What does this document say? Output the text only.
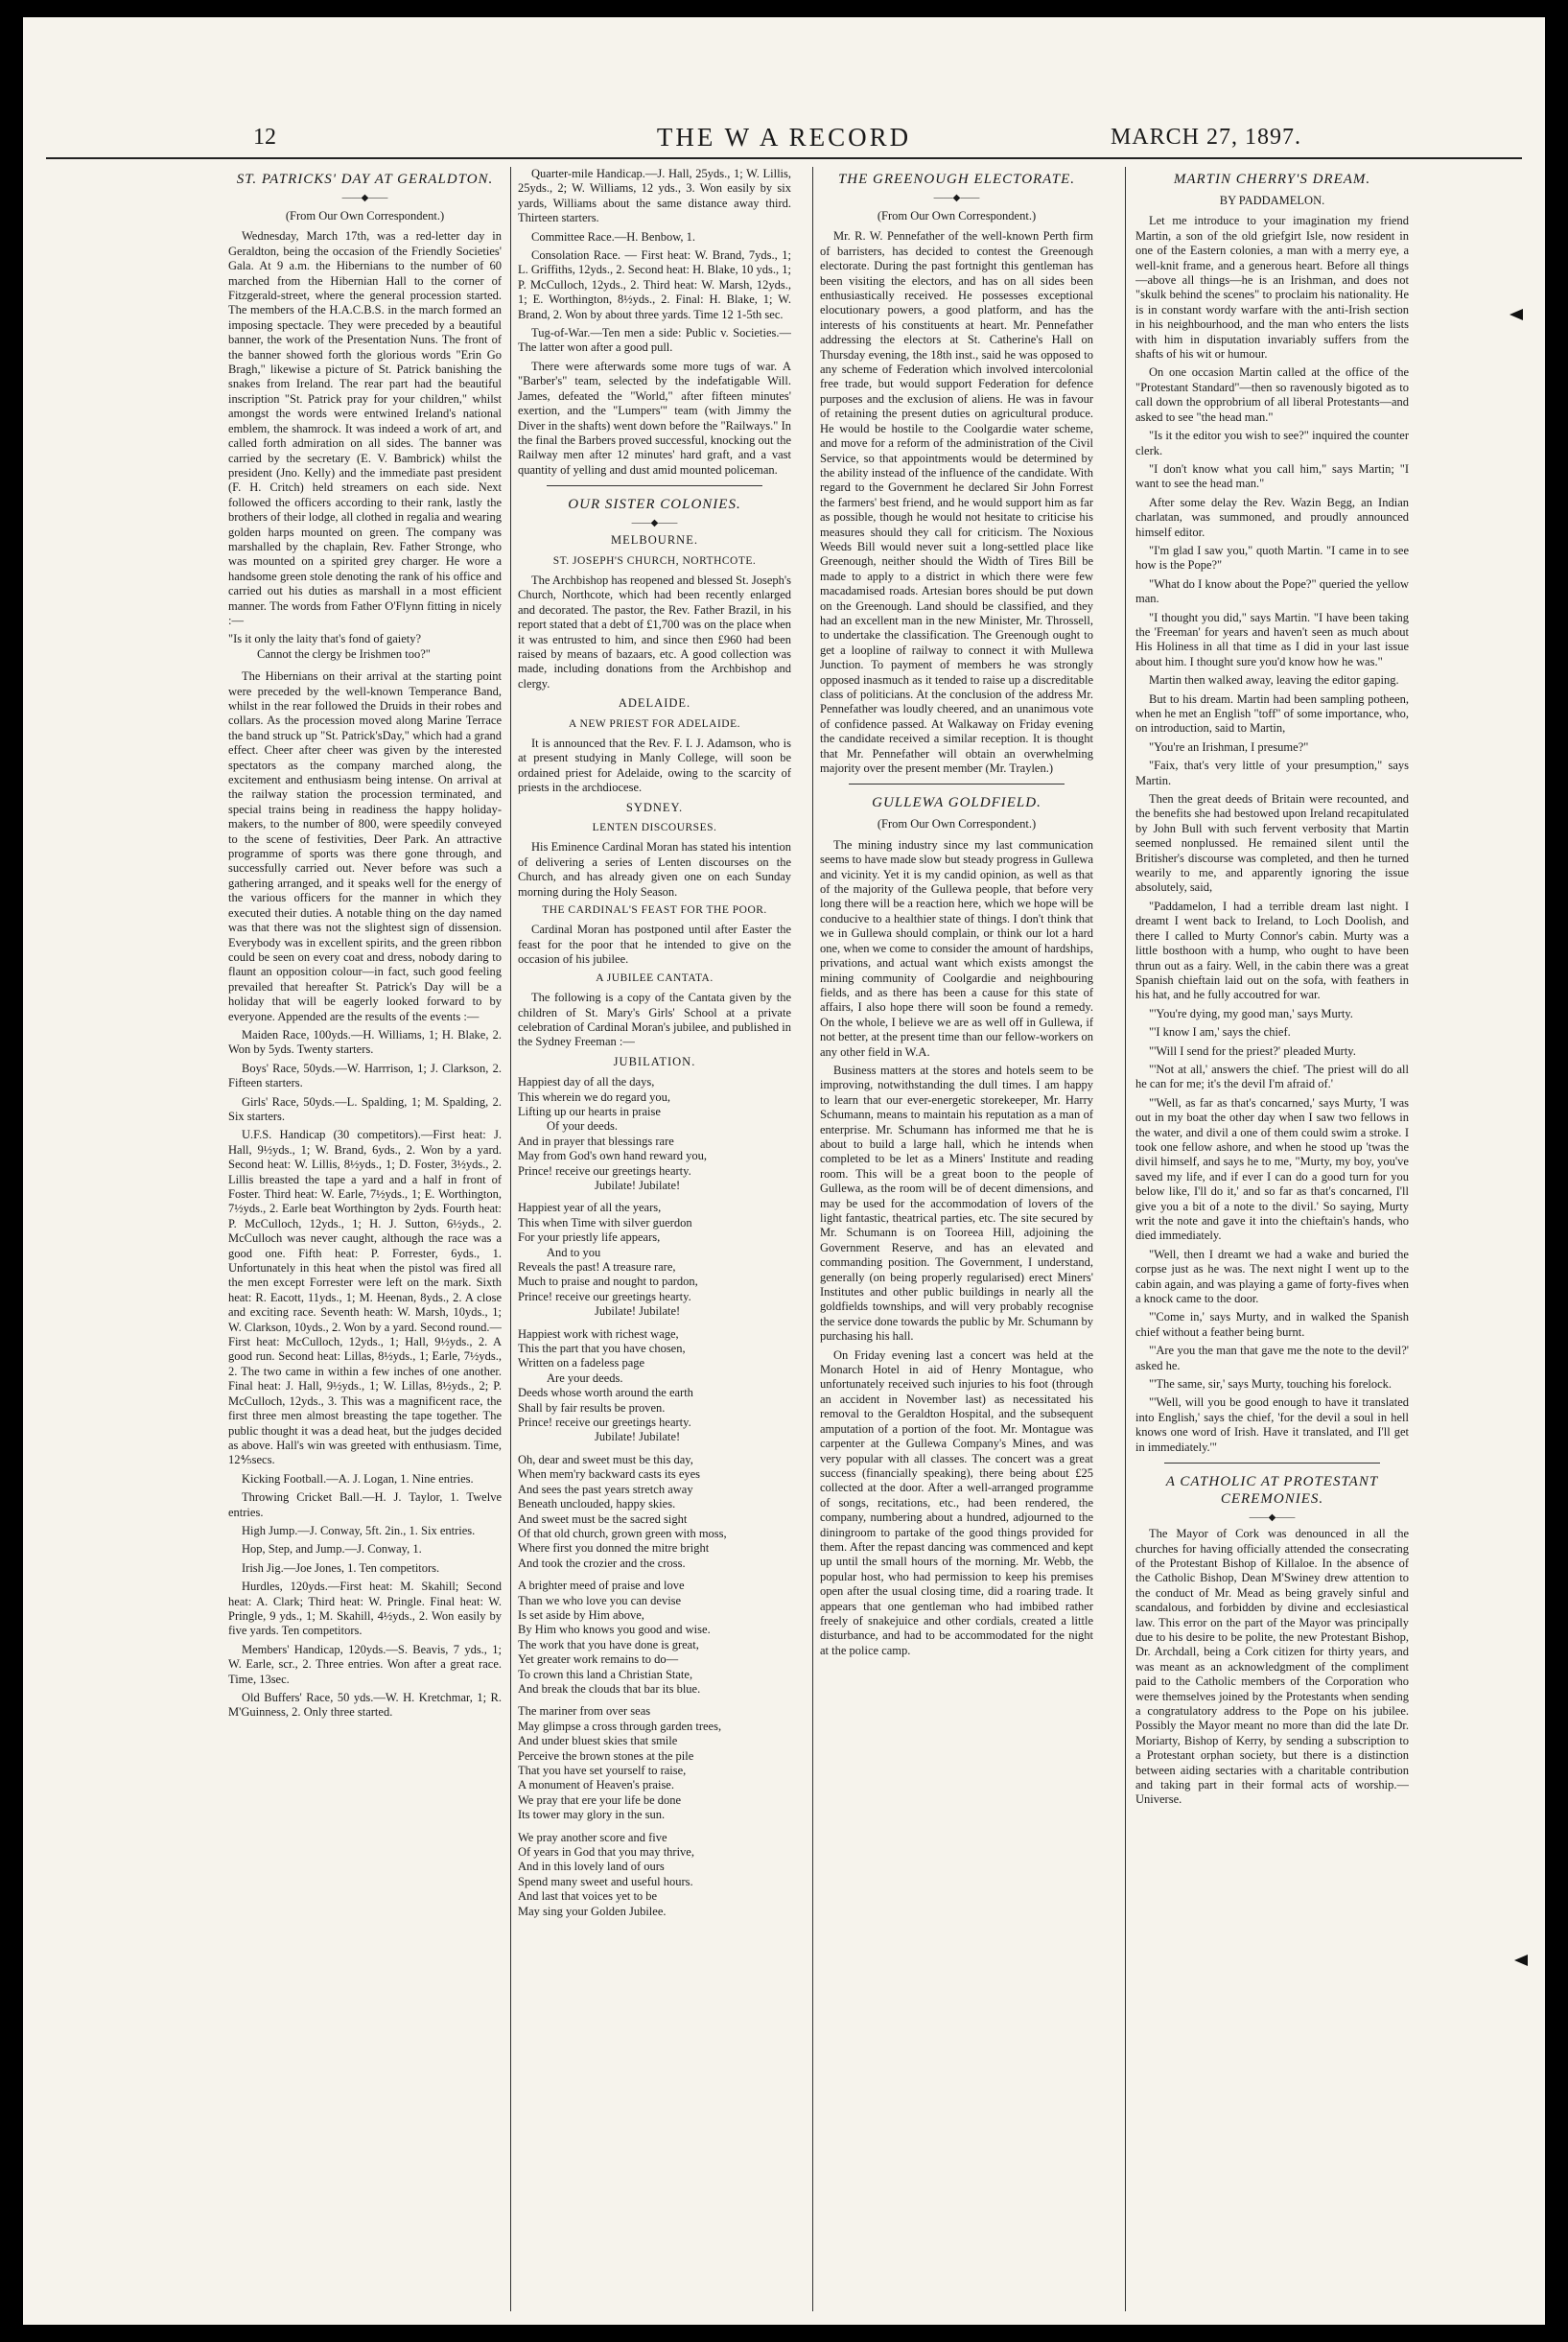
12	THE W A RECORD	MARCH 27, 1897.
ST. PATRICKS' DAY AT GERALDTON.
——◆——
(From Our Own Correspondent.)

Wednesday, March 17th, was a red-letter day in Geraldton, being the occasion of the Friendly Societies' Gala. At 9 a.m. the Hibernians to the number of 60 marched from the Hibernian Hall to the corner of Fitzgerald-street, where the general procession started. The members of the H.A.C.B.S. in the march formed an imposing spectacle. They were preceded by a beautiful banner, the work of the Presentation Nuns. The front of the banner showed forth the glorious words "Erin Go Bragh," likewise a picture of St. Patrick banishing the snakes from Ireland. The rear part had the beautiful inscription "St. Patrick pray for your children," whilst amongst the words were entwined Ireland's national emblem, the shamrock. It was indeed a work of art, and called forth admiration on all sides. The banner was carried by the secretary (E. V. Bambrick) whilst the president (Jno. Kelly) and the immediate past president (F. H. Critch) held streamers on each side. Next followed the officers according to their rank, lastly the brothers of their lodge, all clothed in regalia and wearing golden harps mounted on green. The company was marshalled by the chaplain, Rev. Father Stronge, who was mounted on a spirited grey charger. He wore a handsome green stole denoting the rank of his office and carried out his duties as marshall in a most efficient manner. The words from Father O'Flynn fitting in nicely :—

"Is it only the laity that's fond of gaiety?
Cannot the clergy be Irishmen too?"

The Hibernians on their arrival at the starting point were preceded by the well-known Temperance Band, whilst in the rear followed the Druids in their robes and collars. As the procession moved along Marine Terrace the band struck up "St. Patrick'sDay," which had a grand effect. Cheer after cheer was given by the interested spectators as the company marched along, the excitement and enthusiasm being intense. On arrival at the railway station the procession terminated, and special trains being in readiness the happy holiday-makers, to the number of 800, were speedily conveyed to the scene of festivities, Deer Park. An attractive programme of sports was there gone through, and successfully carried out. Never before was such a gathering arranged, and it speaks well for the energy of the various officers for the manner in which they executed their duties. A notable thing on the day named was that there was not the slightest sign of dissension. Everybody was in excellent spirits, and the green ribbon could be seen on every coat and dress, nobody daring to flaunt an opposition colour—in fact, such good feeling prevailed that hereafter St. Patrick's Day will be a holiday that will be eagerly looked forward to by everyone. Appended are the results of the events :—

Maiden Race, 100yds.—H. Williams, 1; H. Blake, 2. Won by 5yds. Twenty starters.

Boys' Race, 50yds.—W. Harrrison, 1; J. Clarkson, 2. Fifteen starters.

Girls' Race, 50yds.—L. Spalding, 1; M. Spalding, 2. Six starters.

U.F.S. Handicap (30 competitors).—First heat: J. Hall, 9½yds., 1; W. Brand, 6yds., 2. Won by a yard. Second heat: W. Lillis, 8½yds., 1; D. Foster, 3½yds., 2. Lillis breasted the tape a yard and a half in front of Foster. Third heat: W. Earle, 7½yds., 1; E. Worthington, 7½yds., 2. Earle beat Worthington by 2yds. Fourth heat: P. McCulloch, 12yds., 1; H. J. Sutton, 6½yds., 2. McCulloch was never caught, although the race was a good one. Fifth heat: P. Forrester, 6yds., 1. Unfortunately in this heat when the pistol was fired all the men except Forrester were left on the mark. Sixth heat: R. Eacott, 11yds., 1; M. Heenan, 8yds., 2. A close and exciting race. Seventh heath: W. Marsh, 10yds., 1; W. Clarkson, 10yds., 2. Won by a yard. Second round.—First heat: McCulloch, 12yds., 1; Hall, 9½yds., 2. A good run. Second heat: Lillas, 8½yds., 1; Earle, 7½yds., 2. The two came in within a few inches of one another. Final heat: J. Hall, 9½yds., 1; W. Lillas, 8½yds., 2; P. McCulloch, 12yds., 3. This was a magnificent race, the first three men almost breasting the tape together. The public thought it was a dead heat, but the judges decided as above. Hall's win was greeted with enthusiasm. Time, 12⅘secs.

Kicking Football.—A. J. Logan, 1. Nine entries.

Throwing Cricket Ball.—H. J. Taylor, 1. Twelve entries.

High Jump.—J. Conway, 5ft. 2in., 1. Six entries.

Hop, Step, and Jump.—J. Conway, 1.

Irish Jig.—Joe Jones, 1. Ten competitors.

Hurdles, 120yds.—First heat: M. Skahill; Second heat: A. Clark; Third heat: W. Pringle. Final heat: W. Pringle, 9 yds., 1; M. Skahill, 4½yds., 2. Won easily by five yards. Ten competitors.

Members' Handicap, 120yds.—S. Beavis, 7 yds., 1; W. Earle, scr., 2. Three entries. Won after a great race. Time, 13sec.

Old Buffers' Race, 50 yds.—W. H. Kretchmar, 1; R. M'Guinness, 2. Only three started.

Quarter-mile Handicap.—J. Hall, 25yds., 1; W. Lillis, 25yds., 2; W. Williams, 12 yds., 3. Won easily by six yards, Williams about the same distance away third. Thirteen starters.

Committee Race.—H. Benbow, 1.

Consolation Race. — First heat: W. Brand, 7yds., 1; L. Griffiths, 12yds., 2. Second heat: H. Blake, 10 yds., 1; P. McCulloch, 12yds., 2. Third heat: W. Marsh, 12yds., 1; E. Worthington, 8½yds., 2. Final: H. Blake, 1; W. Brand, 2. Won by about three yards. Time 12 1-5th sec.

Tug-of-War.—Ten men a side: Public v. Societies.—The latter won after a good pull.

There were afterwards some more tugs of war. A "Barber's" team, selected by the indefatigable Will. James, defeated the "World," after fifteen minutes' exertion, and the "Lumpers'" team (with Jimmy the Diver in the shafts) went down before the "Railways." In the final the Barbers proved successful, knocking out the Railway men after 12 minutes' hard graft, and a vast quantity of yelling and dust amid mounted policeman.

OUR SISTER COLONIES.
——◆——
MELBOURNE.
ST. JOSEPH'S CHURCH, NORTHCOTE.

The Archbishop has reopened and blessed St. Joseph's Church, Northcote, which had been recently enlarged and decorated. The pastor, the Rev. Father Brazil, in his report stated that a debt of £1,700 was on the place when it was entrusted to him, and since then £960 had been raised by means of bazaars, etc. A good collection was made, including donations from the Archbishop and clergy.

ADELAIDE.
A NEW PRIEST FOR ADELAIDE.

It is announced that the Rev. F. I. J. Adamson, who is at present studying in Manly College, will soon be ordained priest for Adelaide, owing to the scarcity of priests in the archdiocese.

SYDNEY.
LENTEN DISCOURSES.

His Eminence Cardinal Moran has stated his intention of delivering a series of Lenten discourses on the Church, and has already given one on each Sunday morning during the Holy Season.

THE CARDINAL'S FEAST FOR THE POOR.

Cardinal Moran has postponed until after Easter the feast for the poor that he intended to give on the occasion of his jubilee.

A JUBILEE CANTATA.

The following is a copy of the Cantata given by the children of St. Mary's Girls' School at a private celebration of Cardinal Moran's jubilee, and published in the Sydney Freeman :—

JUBILATION.
Happiest day of all the days,
This wherein we do regard you,
Lifting up our hearts in praise
Of your deeds.
And in prayer that blessings rare
May from God's own hand reward you,
Prince! receive our greetings hearty.
Jubilate! Jubilate!
Happiest year of all the years,
This when Time with silver guerdon
For your priestly life appears,
And to you
Reveals the past! A treasure rare,
Much to praise and nought to pardon,
Prince! receive our greetings hearty.
Jubilate! Jubilate!
Happiest work with richest wage,
This the part that you have chosen,
Written on a fadeless page
Are your deeds.
Deeds whose worth around the earth
Shall by fair results be proven.
Prince! receive our greetings hearty.
Jubilate! Jubilate!
Oh, dear and sweet must be this day,
When mem'ry backward casts its eyes
And sees the past years stretch away
Beneath unclouded, happy skies.
And sweet must be the sacred sight
Of that old church, grown green with moss,
Where first you donned the mitre bright
And took the crozier and the cross.
A brighter meed of praise and love
Than we who love you can devise
Is set aside by Him above,
By Him who knows you good and wise.
The work that you have done is great,
Yet greater work remains to do—
To crown this land a Christian State,
And break the clouds that bar its blue.
The mariner from over seas
May glimpse a cross through garden trees,
And under bluest skies that smile
Perceive the brown stones at the pile
That you have set yourself to raise,
A monument of Heaven's praise.
We pray that ere your life be done
Its tower may glory in the sun.
We pray another score and five
Of years in God that you may thrive,
And in this lovely land of ours
Spend many sweet and useful hours.
And last that voices yet to be
May sing your Golden Jubilee.
THE GREENOUGH ELECTORATE.
——◆——
(From Our Own Correspondent.)

Mr. R. W. Pennefather of the well-known Perth firm of barristers, has decided to contest the Greenough electorate. During the past fortnight this gentleman has been visiting the electors, and has on all sides been enthusiastically received. He possesses exceptional elocutionary powers, a good platform, and has the interests of his constituents at heart. Mr. Pennefather addressing the electors at St. Catherine's Hall on Thursday evening, the 18th inst., said he was opposed to any scheme of Federation which involved intercolonial free trade, but would support Federation for defence purposes and the exclusion of aliens. He was in favour of retaining the present duties on agricultural produce. He would be hostile to the Coolgardie water scheme, and move for a reform of the administration of the Civil Service, so that appointments would be determined by the ability instead of the influence of the candidate. With regard to the Government he declared Sir John Forrest the farmers' best friend, and he would support him as far as possible, though he would not hesitate to criticise his measures should they call for criticism. The Noxious Weeds Bill would never suit a long-settled place like Greenough, neither should the Width of Tires Bill be made to apply to a district in which there were few macadamised roads. Artesian bores should be put down on the Greenough. Land should be classified, and they had an excellent man in the new Minister, Mr. Throssell, to undertake the classification. The Greenough ought to get a loopline of railway to connect it with Mullewa Junction. To payment of members he was strongly opposed inasmuch as it tended to raise up a discreditable class of politicians. At the conclusion of the address Mr. Pennefather was loudly cheered, and an unanimous vote of confidence passed. At Walkaway on Friday evening the candidate received a similar reception. It is thought that Mr. Pennefather will obtain an overwhelming majority over the present member (Mr. Traylen.)

GULLEWA GOLDFIELD.
(From Our Own Correspondent.)

The mining industry since my last communication seems to have made slow but steady progress in Gullewa and vicinity. Yet it is my candid opinion, as well as that of the majority of the Gullewa people, that before very long there will be a reaction here, which we hope will be conducive to a healthier state of things. I don't think that we in Gullewa should complain, or think our lot a hard one, when we come to consider the amount of hardships, privations, and actual want which exists amongst the mining community of Coolgardie and neighbouring fields, and as there has been a cause for this state of affairs, I also hope there will soon be found a remedy. On the whole, I believe we are as well off in Gullewa, if not better, at the present time than our fellow-workers on any other field in W.A.

Business matters at the stores and hotels seem to be improving, notwithstanding the dull times. I am happy to learn that our ever-energetic storekeeper, Mr. Harry Schumann, means to maintain his reputation as a man of enterprise. Mr. Schumann has informed me that he is about to build a large hall, which he intends when completed to be let as a Miners' Institute and reading room. This will be a great boon to the people of Gullewa, as the room will be of decent dimensions, and may be used for the accommodation of lovers of the light fantastic, theatrical parties, etc. The site secured by Mr. Schumann is on Tooreea Hill, adjoining the Government Reserve, and has an elevated and commanding position. The Government, I understand, generally (on being properly regularised) erect Miners' Institutes and other public buildings in nearly all the goldfields townships, and will very probably recognise the service done towards the public by Mr. Schumann by purchasing his hall.

On Friday evening last a concert was held at the Monarch Hotel in aid of Henry Montague, who unfortunately received such injuries to his foot (through an accident in November last) as necessitated his removal to the Geraldton Hospital, and the subsequent amputation of a portion of the foot. Mr. Montague was carpenter at the Gullewa Company's Mines, and was very popular with all classes. The concert was a great success (financially speaking), there being about £25 collected at the door. After a well-arranged programme of songs, recitations, etc., had been rendered, the company, numbering about a hundred, adjourned to the diningroom to partake of the good things provided for them. After the repast dancing was commenced and kept up until the small hours of the morning. Mr. Webb, the popular host, who had permission to keep his premises open after the usual closing time, did a roaring trade. It appears that one gentleman who had imbibed rather freely of snakejuice and other cordials, created a little disturbance, and had to be accommodated for the night at the police camp.

MARTIN CHERRY'S DREAM.
BY PADDAMELON.

Let me introduce to your imagination my friend Martin, a son of the old griefgirt Isle, now resident in one of the Eastern colonies, a man with a merry eye, a well-knit frame, and a generous heart. Before all things—above all things—he is an Irishman, and does not "skulk behind the scenes" to proclaim his nationality. He is in constant wordy warfare with the anti-Irish section in his neighbourhood, and the man who enters the lists with him in disputation invariably suffers from the shafts of his wit or humour.

On one occasion Martin called at the office of the "Protestant Standard"—then so ravenously bigoted as to call down the opprobrium of all liberal Protestants—and asked to see "the head man."

"Is it the editor you wish to see?" inquired the counter clerk.

"I don't know what you call him," says Martin; "I want to see the head man."

After some delay the Rev. Wazin Begg, an Indian charlatan, was summoned, and proudly announced himself editor.

"I'm glad I saw you," quoth Martin. "I came in to see how is the Pope?"

"What do I know about the Pope?" queried the yellow man.

"I thought you did," says Martin. "I have been taking the 'Freeman' for years and haven't seen as much about His Holiness in all that time as I did in your last issue about him. I thought sure you'd know how he was."

Martin then walked away, leaving the editor gaping.

But to his dream. Martin had been sampling potheen, when he met an English "toff" of some importance, who, on introduction, said to Martin,

"You're an Irishman, I presume?"

"Faix, that's very little of your presumption," says Martin.

Then the great deeds of Britain were recounted, and the benefits she had bestowed upon Ireland recapitulated by John Bull with such fervent verbosity that Martin seemed nonplussed. He remained silent until the Britisher's discourse was completed, and then he turned wearily to me, and apparently ignoring the issue absolutely, said,

"Paddamelon, I had a terrible dream last night. I dreamt I went back to Ireland, to Loch Doolish, and there I called to Murty Connor's cabin. Murty was a little bosthoon with a hump, who ought to have been thrun out as a fairy. Well, in the cabin there was a great Spanish chieftain laid out on the sofa, with feathers in his hat, and he fully accoutred for war.

"'You're dying, my good man,' says Murty.

"'I know I am,' says the chief.

"'Will I send for the priest?' pleaded Murty.

"'Not at all,' answers the chief. 'The priest will do all he can for me; it's the devil I'm afraid of.'

"'Well, as far as that's concarned,' says Murty, 'I was out in my boat the other day when I saw two fellows in the water, and divil a one of them could swim a stroke. I took one fellow ashore, and when he stood up 'twas the divil himself, and says he to me, "Murty, my boy, you've saved my life, and if ever I can do a good turn for you below like, I'll do it,' and so far as that's concarned, I'll give you a bit of a note to the divil.' So saying, Murty writ the note and gave it into the chieftain's hands, who died immediately.

"Well, then I dreamt we had a wake and buried the corpse just as he was. The next night I went up to the cabin again, and was playing a game of forty-fives when a knock came to the door.

"'Come in,' says Murty, and in walked the Spanish chief without a feather being burnt.

"'Are you the man that gave me the note to the devil?' asked he.

"'The same, sir,' says Murty, touching his forelock.

"'Well, will you be good enough to have it translated into English,' says the chief, 'for the devil a soul in hell knows one word of Irish. Have it translated, and I'll get in immediately.'"

A CATHOLIC AT PROTESTANT CEREMONIES.
——◆——

The Mayor of Cork was denounced in all the churches for having officially attended the consecrating of the Protestant Bishop of Killaloe. In the absence of the Catholic Bishop, Dean M'Swiney drew attention to the conduct of Mr. Mead as being gravely sinful and scandalous, and forbidden by divine and ecclesiastical law. This error on the part of the Mayor was principally due to his desire to be polite, the new Protestant Bishop, Dr. Archdall, being a Cork citizen for thirty years, and was meant as an acknowledgment of the compliment paid to the Catholic members of the Corporation who were themselves joined by the Protestants when sending a congratulatory address to the Pope on his jubilee. Possibly the Mayor meant no more than did the late Dr. Moriarty, Bishop of Kerry, by sending a subscription to a Protestant orphan society, but there is a distinction between aiding sectaries with a charitable contribution and taking part in their formal acts of worship.—Universe.
